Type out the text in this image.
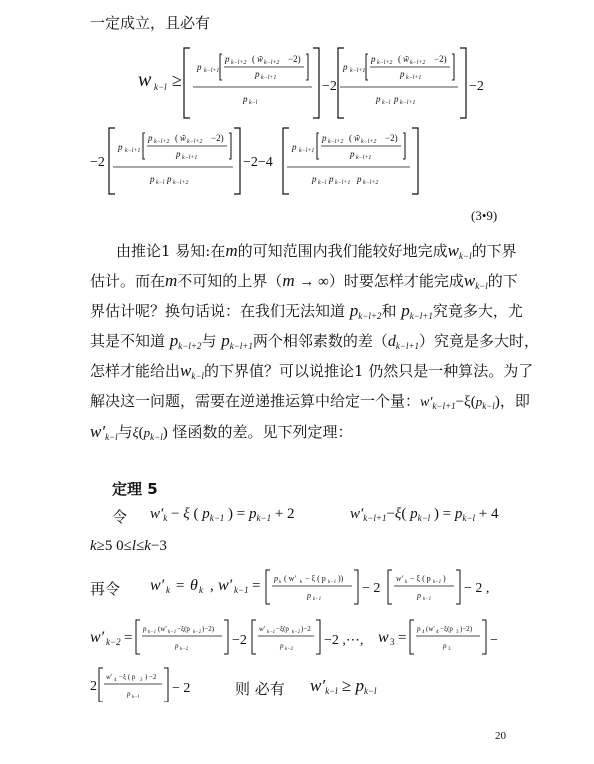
一定成立，且必有
w k−l ≥
p k−l+1
p k−l+2 ( w̃ k−l+2 −2)
p k−l+1
p k−l
−2
p k−l+1
p k−l+2 ( w̃ k−l+2 −2)
p k−l+1
p k−l p k−l+1
−2
−2
p k−l+1
p k−l+2 ( w̃ k−l+2 −2)
p k−l+1
p k−l p k−l+2
−2−4
p k−l+1
p k−l+2 ( w̃ k−l+2 −2)
p k−l+1
p k−l p k−l+1 p k−l+2
(3•9)
由推论1 易知:在m的可知范围内我们能较好地完成$w_{k-l}$的下界
估计。而在m不可知的上界（m → ∞）时要怎样才能完成$w_{k-l}$的下
界估计呢？换句话说：在我们无法知道 $p_{k-l+2}$和 $p_{k-l+1}$究竟多大，尤
其是不知道 $p_{k-l+2}$与 $p_{k-l+1}$两个相邻素数的差$(d_{k-l+1})$究竟是多大时，
怎样才能给出$w_{k-l}$的下界值？可以说推论1 仍然只是一种算法。为了
解决这一问题，需要在逆递推运算中给定一个量：$w'_{k-l+1}-\xi(p_{k-l})$，即
$w'_{k-l}$与$\xi(p_{k-l})$ 怪函数的差。见下列定理：
定理 5
令 $w'_k - \xi$ ( $p_{k-1}$ ) = $p_{k-1} + 2$	$w'_{k-l+1}-\xi$( $p_{k-l}$ ) = $p_{k-l} + 4$
k≥5 0≤l≤k−3
再令 w′ k = θ k , w′ k−1 = p k ( w′ k − ξ ( p k−1 ))
p k−1
− 2
w′ k − ξ ( p k−1 )
p k−1
− 2 ,
w′ k−2 =
p k−1 (w′ k−1 −ξ(p k−2 )−2)
p k−2
−2
w′ k−1 −ξ(p k−2 )−2
p k−2
−2 ,⋯, w 3 =
p 4 (w′ 4 −ξ(p 3 )−2)
p 3
−
2
w′ 4 −ξ ( p 3 ) −2
p k−l
− 2	则 必有 $w'_{k-l} \ge p_{k-l}$
20
